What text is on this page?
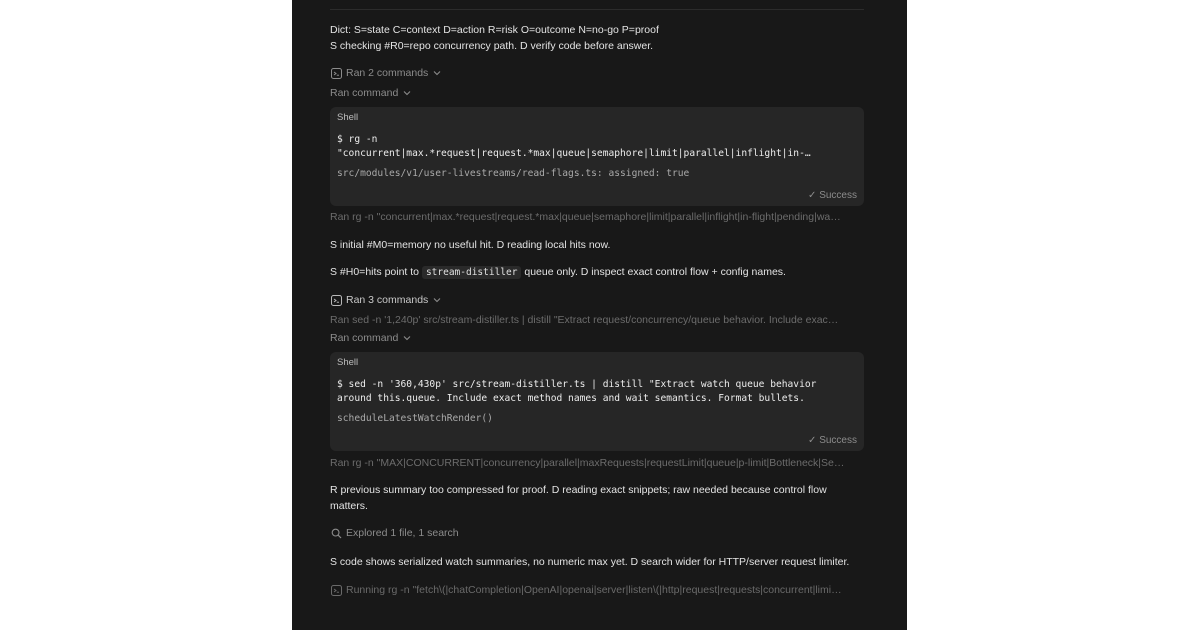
Dict: S=state C=context D=action R=risk O=outcome N=no-go P=proof
S checking #R0=repo concurrency path. D verify code before answer.
Ran 2 commands
Ran command
Shell
$ rg -n
"concurrent|max.*request|request.*max|queue|semaphore|limit|parallel|inflight|in-…
src/modules/v1/user-livestreams/read-flags.ts: assigned: true
✓ Success
Ran rg -n "concurrent|max.*request|request.*max|queue|semaphore|limit|parallel|inflight|in-flight|pending|wa…
S initial #M0=memory no useful hit. D reading local hits now.
S #H0=hits point to stream-distiller queue only. D inspect exact control flow + config names.
Ran 3 commands
Ran sed -n '1,240p' src/stream-distiller.ts | distill "Extract request/concurrency/queue behavior. Include exac…
Ran command
Shell
$ sed -n '360,430p' src/stream-distiller.ts | distill "Extract watch queue behavior
around this.queue. Include exact method names and wait semantics. Format bullets.
scheduleLatestWatchRender()
✓ Success
Ran rg -n "MAX|CONCURRENT|concurrency|parallel|maxRequests|requestLimit|queue|p-limit|Bottleneck|Se…
R previous summary too compressed for proof. D reading exact snippets; raw needed because control flow matters.
Explored 1 file, 1 search
S code shows serialized watch summaries, no numeric max yet. D search wider for HTTP/server request limiter.
Running rg -n "fetch\(|chatCompletion|OpenAI|openai|server|listen\(|http|request|requests|concurrent|limi…
